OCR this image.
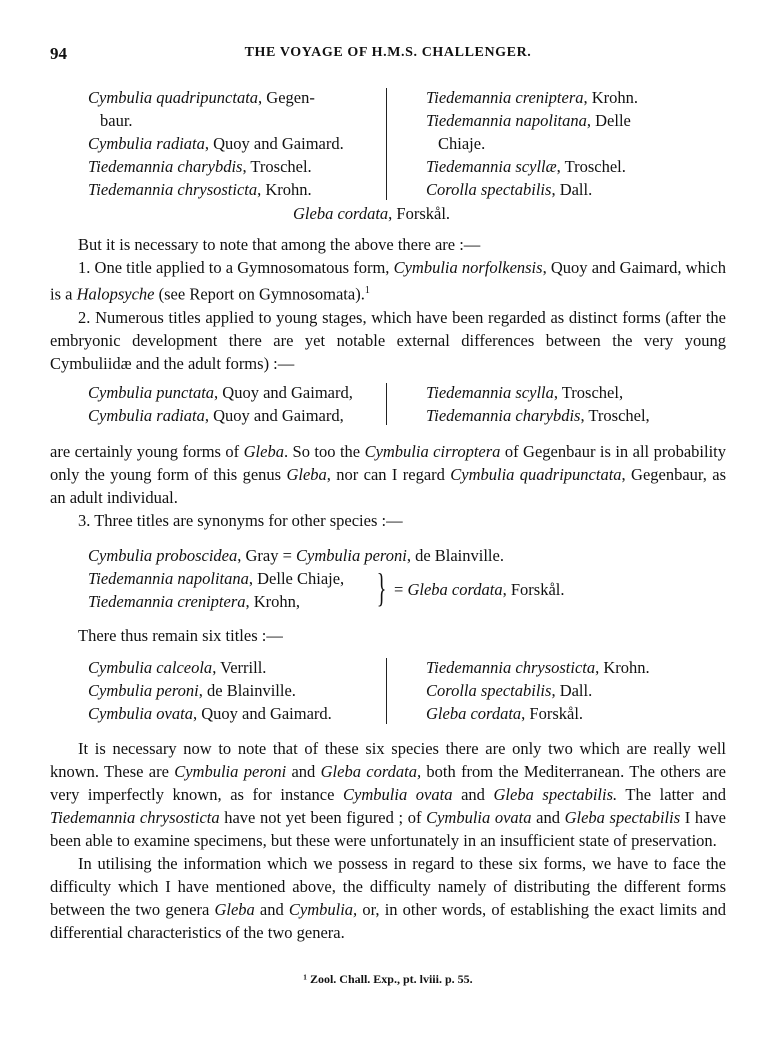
94	THE VOYAGE OF H.M.S. CHALLENGER.
Cymbulia quadripunctata, Gegen-
baur.
Cymbulia radiata, Quoy and Gaimard.
Tiedemannia charybdis, Troschel.
Tiedemannia chrysosticta, Krohn.
Tiedemannia creniptera, Krohn.
Tiedemannia napolitana, Delle
Chiaje.
Tiedemannia scyllæ, Troschel.
Corolla spectabilis, Dall.
Gleba cordata, Forskål.

But it is necessary to note that among the above there are :—

1. One title applied to a Gymnosomatous form, Cymbulia norfolkensis, Quoy and Gaimard, which is a Halopsyche (see Report on Gymnosomata).$^1$

2. Numerous titles applied to young stages, which have been regarded as distinct forms (after the embryonic development there are yet notable external differences between the very young Cymbuliidæ and the adult forms) :—

Cymbulia punctata, Quoy and Gaimard,
Cymbulia radiata, Quoy and Gaimard,
Tiedemannia scylla, Troschel,
Tiedemannia charybdis, Troschel,

are certainly young forms of Gleba. So too the Cymbulia cirroptera of Gegenbaur is in all probability only the young form of this genus Gleba, nor can I regard Cymbulia quadripunctata, Gegenbaur, as an adult individual.

3. Three titles are synonyms for other species :—

Cymbulia proboscidea, Gray = Cymbulia peroni, de Blainville.
Tiedemannia napolitana, Delle Chiaje,
Tiedemannia creniptera, Krohn,	} = Gleba cordata, Forskål.

There thus remain six titles :—

Cymbulia calceola, Verrill.
Cymbulia peroni, de Blainville.
Cymbulia ovata, Quoy and Gaimard.
Tiedemannia chrysosticta, Krohn.
Corolla spectabilis, Dall.
Gleba cordata, Forskål.

It is necessary now to note that of these six species there are only two which are really well known. These are Cymbulia peroni and Gleba cordata, both from the Mediterranean. The others are very imperfectly known, as for instance Cymbulia ovata and Gleba spectabilis. The latter and Tiedemannia chrysosticta have not yet been figured ; of Cymbulia ovata and Gleba spectabilis I have been able to examine specimens, but these were unfortunately in an insufficient state of preservation.

In utilising the information which we possess in regard to these six forms, we have to face the difficulty which I have mentioned above, the difficulty namely of distributing the different forms between the two genera Gleba and Cymbulia, or, in other words, of establishing the exact limits and differential characteristics of the two genera.

¹ Zool. Chall. Exp., pt. lviii. p. 55.
